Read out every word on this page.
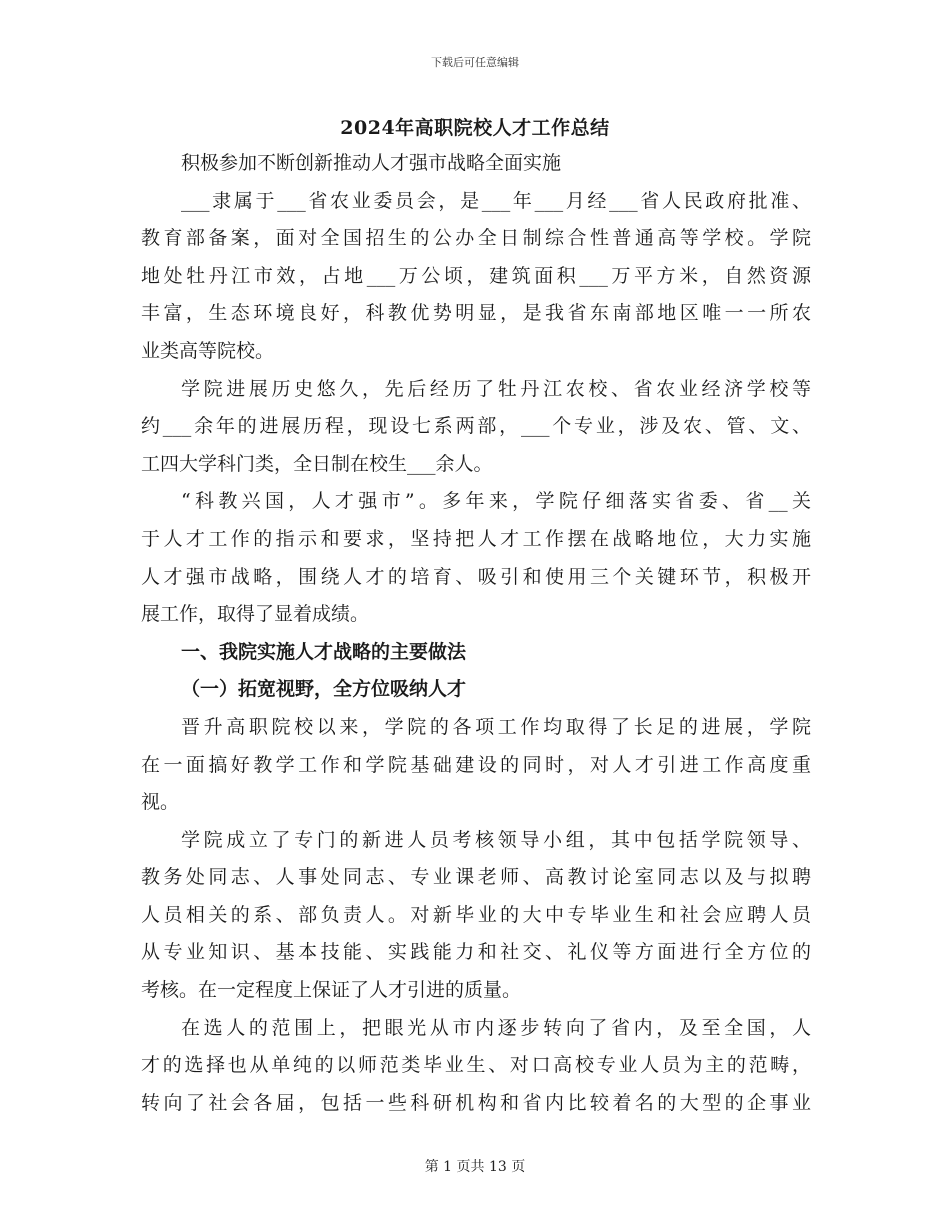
下载后可任意编辑
2024年高职院校人才工作总结
积极参加不断创新推动人才强市战略全面实施
___隶属于___省农业委员会，是___年___月经___省人民政府批准、
教育部备案，面对全国招生的公办全日制综合性普通高等学校。学院
地处牡丹江市效，占地___万公顷，建筑面积___万平方米，自然资源
丰富，生态环境良好，科教优势明显，是我省东南部地区唯一一所农
业类高等院校。
学院进展历史悠久，先后经历了牡丹江农校、省农业经济学校等
约___余年的进展历程，现设七系两部，___个专业，涉及农、管、文、
工四大学科门类，全日制在校生___余人。
“科教兴国，人才强市”。多年来，学院仔细落实省委、省__关
于人才工作的指示和要求，坚持把人才工作摆在战略地位，大力实施
人才强市战略，围绕人才的培育、吸引和使用三个关键环节，积极开
展工作，取得了显着成绩。
一、我院实施人才战略的主要做法
（一）拓宽视野，全方位吸纳人才
晋升高职院校以来，学院的各项工作均取得了长足的进展，学院
在一面搞好教学工作和学院基础建设的同时，对人才引进工作高度重
视。
学院成立了专门的新进人员考核领导小组，其中包括学院领导、
教务处同志、人事处同志、专业课老师、高教讨论室同志以及与拟聘
人员相关的系、部负责人。对新毕业的大中专毕业生和社会应聘人员
从专业知识、基本技能、实践能力和社交、礼仪等方面进行全方位的
考核。在一定程度上保证了人才引进的质量。
在选人的范围上，把眼光从市内逐步转向了省内，及至全国，人
才的选择也从单纯的以师范类毕业生、对口高校专业人员为主的范畴，
转向了社会各届，包括一些科研机构和省内比较着名的大型的企事业
第 1 页共 13 页
